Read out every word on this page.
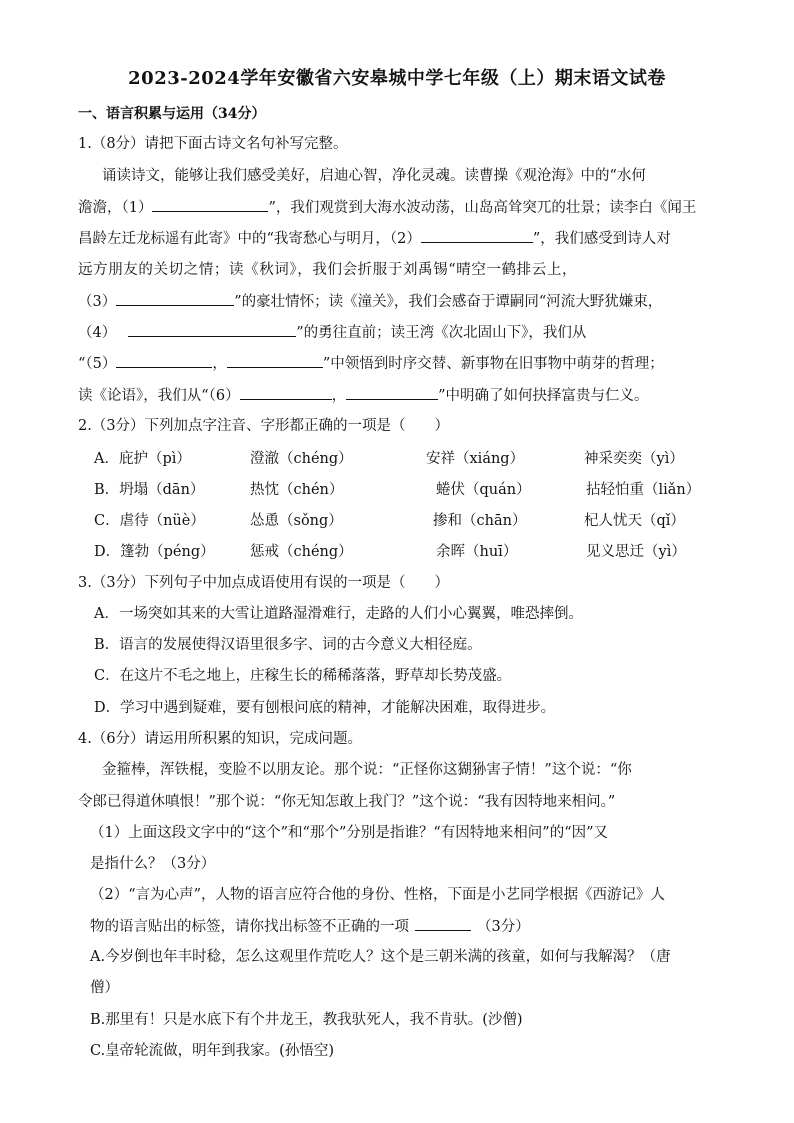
2023-2024学年安徽省六安皋城中学七年级（上）期末语文试卷
一、语言积累与运用（34分）
1.（8分）请把下面古诗文名句补写完整。
诵读诗文，能够让我们感受美好，启迪心智，净化灵魂。读曹操《观沧海》中的“水何
澹澹，（1）	”，我们观赏到大海水波动荡，山岛高耸突兀的壮景；读李白《闻王
昌龄左迁龙标遥有此寄》中的“我寄愁心与明月，（2）	”，我们感受到诗人对
远方朋友的关切之情；读《秋词》，我们会折服于刘禹锡“晴空一鹤排云上，
（3）	”的豪壮情怀；读《潼关》，我们会感奋于谭嗣同“河流大野犹嫌束，
（4）	”的勇往直前；读王湾《次北固山下》，我们从
“（5）	，	”中领悟到时序交替、新事物在旧事物中萌芽的哲理；
读《论语》，我们从“（6）	，	”中明确了如何抉择富贵与仁义。
2.（3分）下列加点字注音、字形都正确的一项是（　　）
A．庇护（pì）	澄澈（chéng）	安祥（xiáng）	神采奕奕（yì）
B．坍塌（dān）	热忱（chén）	蜷伏（quán）	拈轻怕重（liǎn）
C．虐待（nüè）	怂恿（sǒng）	掺和（chān）	杞人忧天（qǐ）
D．篷勃（péng） 惩戒（chéng）	余晖（huī）	见义思迁（yì）
3.（3分）下列句子中加点成语使用有误的一项是（　　）
A．一场突如其来的大雪让道路湿滑难行，走路的人们小心翼翼，唯恐摔倒。
B．语言的发展使得汉语里很多字、词的古今意义大相径庭。
C．在这片不毛之地上，庄稼生长的稀稀落落，野草却长势茂盛。
D．学习中遇到疑难，要有刨根问底的精神，才能解决困难，取得进步。
4.（6分）请运用所积累的知识，完成问题。
金箍棒，浑铁棍，变脸不以朋友论。那个说：“正怪你这猢狲害子情！”这个说：“你
令郎已得道休嗔恨！”那个说：“你无知怎敢上我门？”这个说：“我有因特地来相问。”
（1）上面这段文字中的“这个”和“那个”分别是指谁？“有因特地来相问”的“因”又
是指什么？（3分）
（2）“言为心声”，人物的语言应符合他的身份、性格，下面是小艺同学根据《西游记》人
物的语言贴出的标签，请你找出标签不正确的一项	（3分）
A.今岁倒也年丰时稔，怎么这观里作荒吃人？这个是三朝米满的孩童，如何与我解渴？（唐
僧）
B.那里有！只是水底下有个井龙王，教我驮死人，我不肯驮。(沙僧)
C.皇帝轮流做，明年到我家。(孙悟空)
